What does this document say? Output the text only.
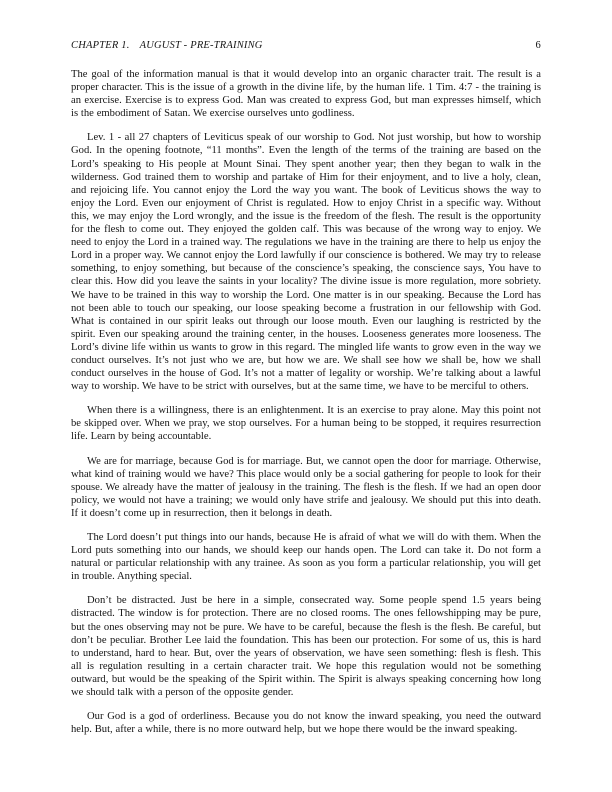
CHAPTER 1. AUGUST - PRE-TRAINING	6

The goal of the information manual is that it would develop into an organic character trait. The result is a proper character. This is the issue of a growth in the divine life, by the human life. 1 Tim. 4:7 - the training is an exercise. Exercise is to express God. Man was created to express God, but man expresses himself, which is the embodiment of Satan. We exercise ourselves unto godliness.

Lev. 1 - all 27 chapters of Leviticus speak of our worship to God. Not just worship, but how to worship God. In the opening footnote, “11 months”. Even the length of the terms of the training are based on the Lord’s speaking to His people at Mount Sinai. They spent another year; then they began to walk in the wilderness. God trained them to worship and partake of Him for their enjoyment, and to live a holy, clean, and rejoicing life. You cannot enjoy the Lord the way you want. The book of Leviticus shows the way to enjoy the Lord. Even our enjoyment of Christ is regulated. How to enjoy Christ in a specific way. Without this, we may enjoy the Lord wrongly, and the issue is the freedom of the flesh. The result is the opportunity for the flesh to come out. They enjoyed the golden calf. This was because of the wrong way to enjoy. We need to enjoy the Lord in a trained way. The regulations we have in the training are there to help us enjoy the Lord in a proper way. We cannot enjoy the Lord lawfully if our conscience is bothered. We may try to release something, to enjoy something, but because of the conscience’s speaking, the conscience says, You have to clear this. How did you leave the saints in your locality? The divine issue is more regulation, more sobriety. We have to be trained in this way to worship the Lord. One matter is in our speaking. Because the Lord has not been able to touch our speaking, our loose speaking become a frustration in our fellowship with God. What is contained in our spirit leaks out through our loose mouth. Even our laughing is restricted by the spirit. Even our speaking around the training center, in the houses. Looseness generates more looseness. The Lord’s divine life within us wants to grow in this regard. The mingled life wants to grow even in the way we conduct ourselves. It’s not just who we are, but how we are. We shall see how we shall be, how we shall conduct ourselves in the house of God. It’s not a matter of legality or worship. We’re talking about a lawful way to worship. We have to be strict with ourselves, but at the same time, we have to be merciful to others.

When there is a willingness, there is an enlightenment. It is an exercise to pray alone. May this point not be skipped over. When we pray, we stop ourselves. For a human being to be stopped, it requires resurrection life. Learn by being accountable.

We are for marriage, because God is for marriage. But, we cannot open the door for marriage. Otherwise, what kind of training would we have? This place would only be a social gathering for people to look for their spouse. We already have the matter of jealousy in the training. The flesh is the flesh. If we had an open door policy, we would not have a training; we would only have strife and jealousy. We should put this into death. If it doesn’t come up in resurrection, then it belongs in death.

The Lord doesn’t put things into our hands, because He is afraid of what we will do with them. When the Lord puts something into our hands, we should keep our hands open. The Lord can take it. Do not form a natural or particular relationship with any trainee. As soon as you form a particular relationship, you will get in trouble. Anything special.

Don’t be distracted. Just be here in a simple, consecrated way. Some people spend 1.5 years being distracted. The window is for protection. There are no closed rooms. The ones fellowshipping may be pure, but the ones observing may not be pure. We have to be careful, because the flesh is the flesh. Be careful, but don’t be peculiar. Brother Lee laid the foundation. This has been our protection. For some of us, this is hard to understand, hard to hear. But, over the years of observation, we have seen something: flesh is flesh. This all is regulation resulting in a certain character trait. We hope this regulation would not be something outward, but would be the speaking of the Spirit within. The Spirit is always speaking concerning how long we should talk with a person of the opposite gender.

Our God is a god of orderliness. Because you do not know the inward speaking, you need the outward help. But, after a while, there is no more outward help, but we hope there would be the inward speaking.
